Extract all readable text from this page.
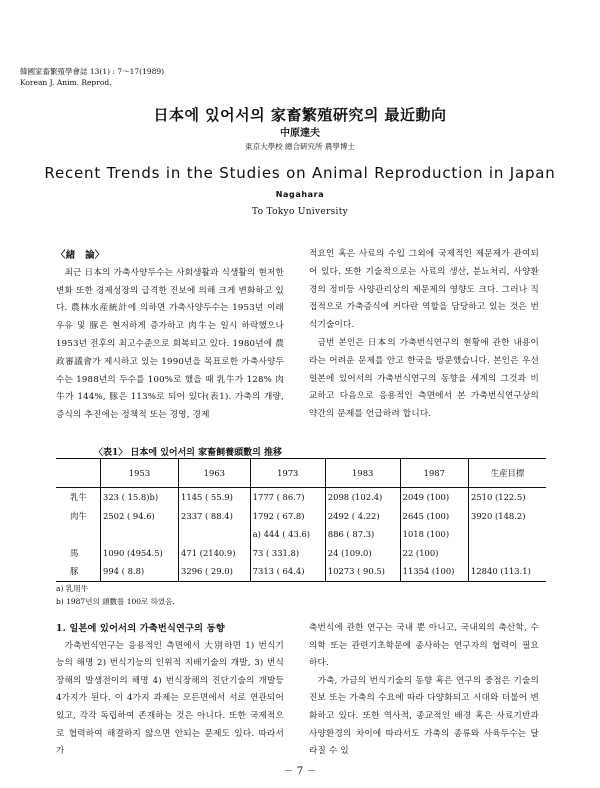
韓國家畜繁殖學會誌 13(1) : 7～17(1989)
Korean J. Anim. Reprod.
日本에 있어서의 家畜繁殖硏究의 最近動向
中原達夫
東京大學校 總合硏究所 農學博士
Recent Trends in the Studies on Animal Reproduction in Japan
Nagahara
To Tokyo University
〈緒　論〉

최근 日本의 가축사양두수는 사회생활과 식생활의 현저한 변화 또한 경제성장의 급격한 진보에 의해 크게 변화하고 있다. 農林水産統計에 의하면 가축사양두수는 1953년 이래 우유 및 豚은 현저하게 증가하고 肉牛는 일시 하락했으나 1953년 전후의 최고수준으로 회복되고 있다. 1980년에 農政審議會가 제시하고 있는 1990년을 목표로한 가축사양두수는 1988년의 두수를 100%로 했을 때 乳牛가 128% 肉牛가 144%, 豚은 113%로 되어 있다(表1). 가축의 개량, 증식의 추진에는 정책적 또는 경영, 경제

적요인 혹은 사료의 수입 그외에 국제적인 제문제가 관여되어 있다. 또한 기술적으로는 사료의 생산, 분뇨처리, 사양환경의 정비등 사양관리상의 제문제의 영향도 크다. 그러나 직접적으로 가축증식에 커다란 역할을 담당하고 있는 것은 번식기술이다.

금번 본인은 日本의 가축번식연구의 현황에 관한 내용이라는 어려운 문제를 안고 한국을 방문했습니다. 본인은 우선 일본에 있어서의 가축번식연구의 동향을 세계의 그것과 비교하고 다음으로 응용적인 측면에서 본 가축번식연구상의 약간의 문제를 언급하려 합니다.

〈表1〉 日本에 있어서의 家畜飼養頭數의 推移
	1953	1963	1973	1983	1987	生産目標
乳牛	323 ( 15.8)b)	1145 ( 55.9)	1777 ( 86.7)	2098 (102.4)	2049 (100)	2510 (122.5)
肉牛	2502 ( 94.6)	2337 ( 88.4)	1792 ( 67.8)	2492 ( 4.22)	2645 (100)	3920 (148.2)
			a) 444 ( 43.6)	886 ( 87.3)	1018 (100)	
馬	1090 (4954.5)	471 (2140.9)	73 ( 331.8)	24 (109.0)	22 (100)	
豚	994 ( 8.8)	3296 ( 29.0)	7313 ( 64.4)	10273 ( 90.5)	11354 (100)	12840 (113.1)
a) 乳用牛
b) 1987년의 頭數를 100로 하였음.
1. 일본에 있어서의 가축번식연구의 동향

가축번식연구는 응용적인 측면에서 大別하면 1) 번식기능의 해명 2) 번식기능의 인위적 지배기술의 개발, 3) 번식장해의 발생전이의 해명 4) 번식장해의 진단기술의 개발등 4가지가 된다. 이 4가지 과제는 모든면에서 서로 연관되어 있고, 각각 독립하여 존재하는 것은 아니다. 또한 국제적으로 협력하여 해결하지 않으면 안되는 문제도 있다. 따라서 가

축번식에 관한 연구는 국내 뿐 아니고, 국내외의 축산학, 수의학 또는 관련기초학문에 종사하는 연구자의 협력이 필요하다.

가축, 가금의 번식기술의 동향 혹은 연구의 중점은 기술의 진보 또는 가축의 수요에 따라 다양화되고 시대와 더불어 변화하고 있다. 또한 역사적, 종교적인 배경 혹은 사료기반과 사양환경의 차이에 따라서도 가축의 종류와 사육두수는 달라질 수 있

－ 7 －
